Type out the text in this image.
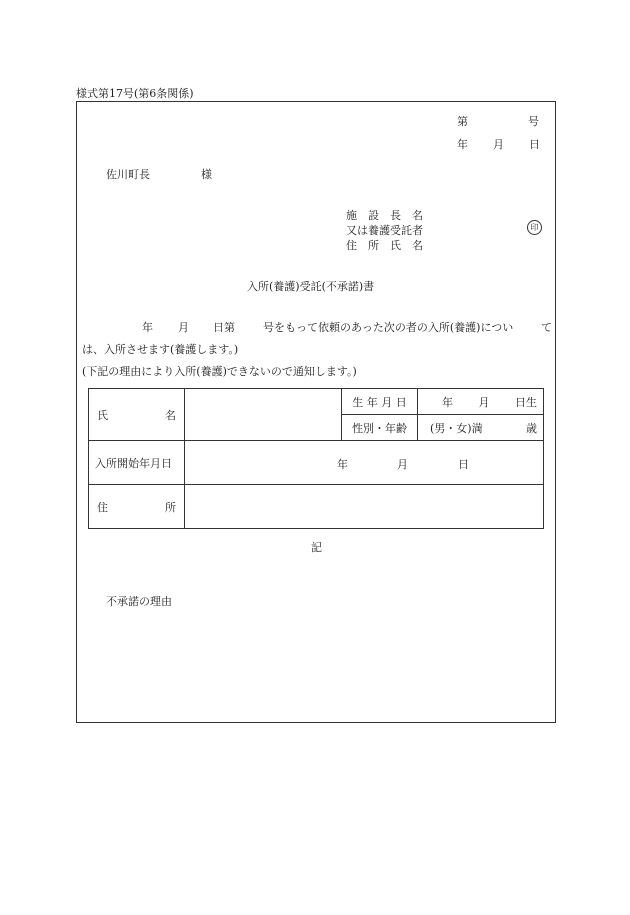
様式第17号(第6条関係)
第	号
年 月 日
佐川町長	様
施　設　長　名
又は養護受託者
住　所　氏　名
印
入所(養護)受託(不承諾)書
年 月 日第	号をもって依頼のあった次の者の入所(養護)につい	て
は、入所させます(養護します。)
(下記の理由により入所(養護)できないので通知します。)
氏 名		生 年 月 日	年 月 日生

		性別・年齢	(男・女)満 歳

入所開始年月日	年 月 日		

住 所			

記
不承諾の理由
